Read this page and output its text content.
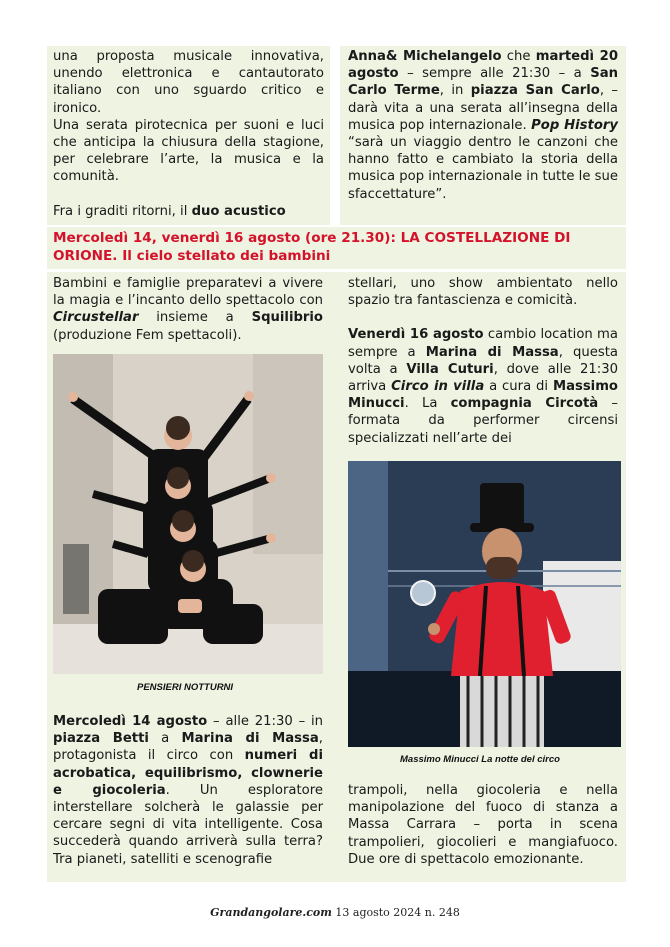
una proposta musicale innovativa, unendo elettronica e cantautorato italiano con uno sguardo critico e ironico.

Una serata pirotecnica per suoni e luci che anticipa la chiusura della stagione, per celebrare l’arte, la musica e la comunità.

Fra i graditi ritorni, il duo acustico

Anna& Michelangelo che martedì 20 agosto – sempre alle 21:30 – a San Carlo Terme, in piazza San Carlo, – darà vita a una serata all’insegna della musica pop internazionale. Pop History “sarà un viaggio dentro le canzoni che hanno fatto e cambiato la storia della musica pop internazionale in tutte le sue sfaccettature”.

Mercoledì 14, venerdì 16 agosto (ore 21.30): LA COSTELLAZIONE DI ORIONE. Il cielo stellato dei bambini

Bambini e famiglie preparatevi a vivere la magia e l’incanto dello spettacolo con Circustellar insieme a Squilibrio (produzione Fem spettacoli).

PENSIERI NOTTURNI

Mercoledì 14 agosto – alle 21:30 – in piazza Betti a Marina di Massa, protagonista il circo con numeri di acrobatica, equilibrismo, clownerie e giocoleria. Un esploratore interstellare solcherà le galassie per cercare segni di vita intelligente. Cosa succederà quando arriverà sulla terra? Tra pianeti, satelliti e scenografie

stellari, uno show ambientato nello spazio tra fantascienza e comicità.

Venerdì 16 agosto cambio location ma sempre a Marina di Massa, questa volta a Villa Cuturi, dove alle 21:30 arriva Circo in villa a cura di Massimo Minucci. La compagnia Circotà – formata da performer circensi specializzati nell’arte dei

Massimo Minucci La notte del circo

trampoli, nella giocoleria e nella manipolazione del fuoco di stanza a Massa Carrara – porta in scena trampolieri, giocolieri e mangiafuoco. Due ore di spettacolo emozionante.

Grandangolare.com 13 agosto 2024 n. 248
